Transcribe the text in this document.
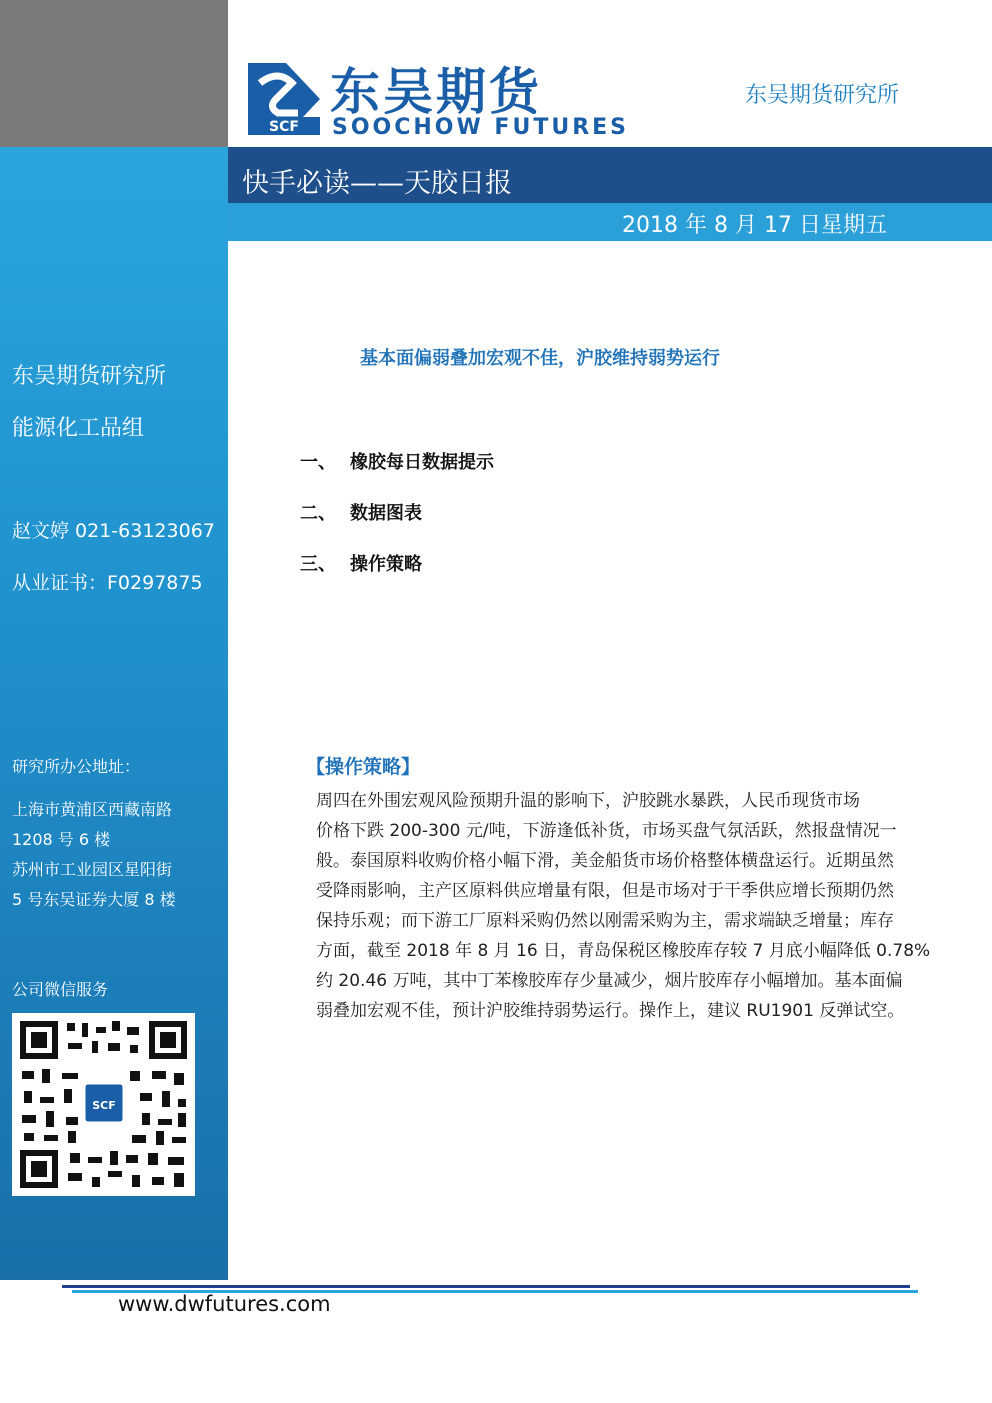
SCF
东吴期货
SOOCHOW FUTURES
东吴期货研究所
快手必读——天胶日报
2018 年 8 月 17 日星期五
东吴期货研究所
能源化工品组
赵文婷 021-63123067
从业证书：F0297875
研究所办公地址：
上海市黄浦区西藏南路
1208 号 6 楼
苏州市工业园区星阳街
5 号东吴证券大厦 8 楼
公司微信服务
SCF
基本面偏弱叠加宏观不佳，沪胶维持弱势运行
一、 橡胶每日数据提示
二、 数据图表
三、 操作策略
【操作策略】
周四在外围宏观风险预期升温的影响下，沪胶跳水暴跌，人民币现货市场
价格下跌 200-300 元/吨，下游逢低补货，市场买盘气氛活跃，然报盘情况一
般。泰国原料收购价格小幅下滑，美金船货市场价格整体横盘运行。近期虽然
受降雨影响，主产区原料供应增量有限，但是市场对于干季供应增长预期仍然
保持乐观；而下游工厂原料采购仍然以刚需采购为主，需求端缺乏增量；库存
方面，截至 2018 年 8 月 16 日，青岛保税区橡胶库存较 7 月底小幅降低 0.78%
约 20.46 万吨，其中丁苯橡胶库存少量减少，烟片胶库存小幅增加。基本面偏
弱叠加宏观不佳，预计沪胶维持弱势运行。操作上，建议 RU1901 反弹试空。
www.dwfutures.com
